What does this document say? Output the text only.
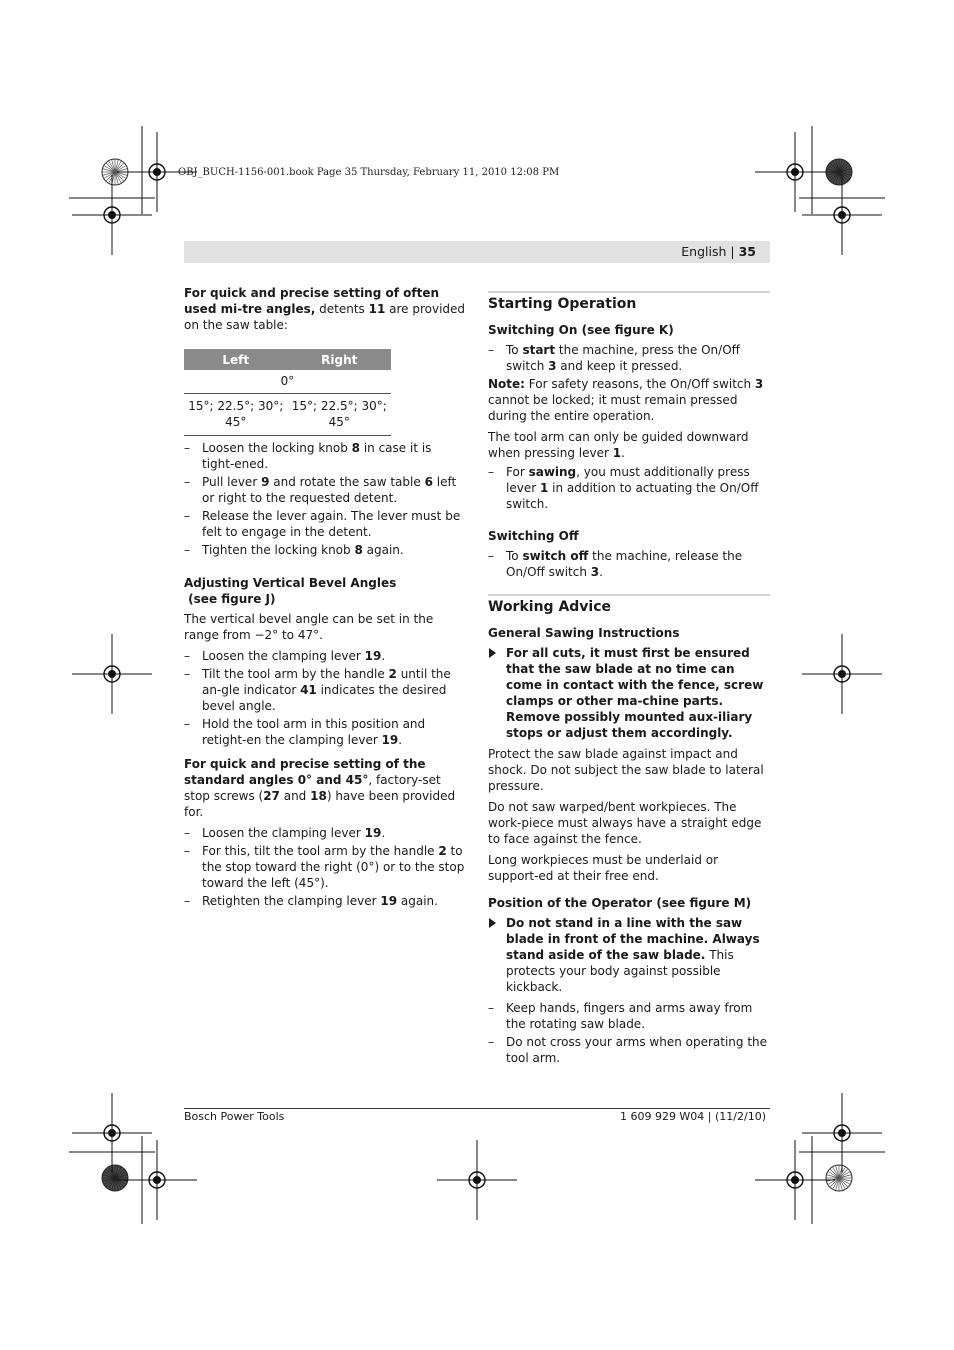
OBJ_BUCH-1156-001.book Page 35 Thursday, February 11, 2010 12:08 PM
English | 35

For quick and precise setting of often used mi-tre angles, detents 11 are provided on the saw table:

Left	Right
0°	
15°; 22.5°; 30°; 45°	15°; 22.5°; 30°; 45°

– Loosen the locking knob 8 in case it is tight-ened.

– Pull lever 9 and rotate the saw table 6 left or right to the requested detent.

– Release the lever again. The lever must be felt to engage in the detent.

– Tighten the locking knob 8 again.

Adjusting Vertical Bevel Angles
(see figure J)

The vertical bevel angle can be set in the range from −2° to 47°.

– Loosen the clamping lever 19.

– Tilt the tool arm by the handle 2 until the an-gle indicator 41 indicates the desired bevel angle.

– Hold the tool arm in this position and retight-en the clamping lever 19.

For quick and precise setting of the standard angles 0° and 45°, factory-set stop screws (27 and 18) have been provided for.

– Loosen the clamping lever 19.

– For this, tilt the tool arm by the handle 2 to the stop toward the right (0°) or to the stop toward the left (45°).

– Retighten the clamping lever 19 again.

Starting Operation
Switching On (see figure K)

– To start the machine, press the On/Off switch 3 and keep it pressed.

Note: For safety reasons, the On/Off switch 3 cannot be locked; it must remain pressed during the entire operation.

The tool arm can only be guided downward when pressing lever 1.

– For sawing, you must additionally press lever 1 in addition to actuating the On/Off switch.

Switching Off

– To switch off the machine, release the On/Off switch 3.

Working Advice
General Sawing Instructions
For all cuts, it must first be ensured that the saw blade at no time can come in contact with the fence, screw clamps or other ma-chine parts. Remove possibly mounted aux-iliary stops or adjust them accordingly.

Protect the saw blade against impact and shock. Do not subject the saw blade to lateral pressure.

Do not saw warped/bent workpieces. The work-piece must always have a straight edge to face against the fence.

Long workpieces must be underlaid or support-ed at their free end.

Position of the Operator (see figure M)
Do not stand in a line with the saw blade in front of the machine. Always stand aside of the saw blade. This protects your body against possible kickback.

– Keep hands, fingers and arms away from the rotating saw blade.

– Do not cross your arms when operating the tool arm.

Bosch Power Tools	1 609 929 W04 | (11/2/10)
